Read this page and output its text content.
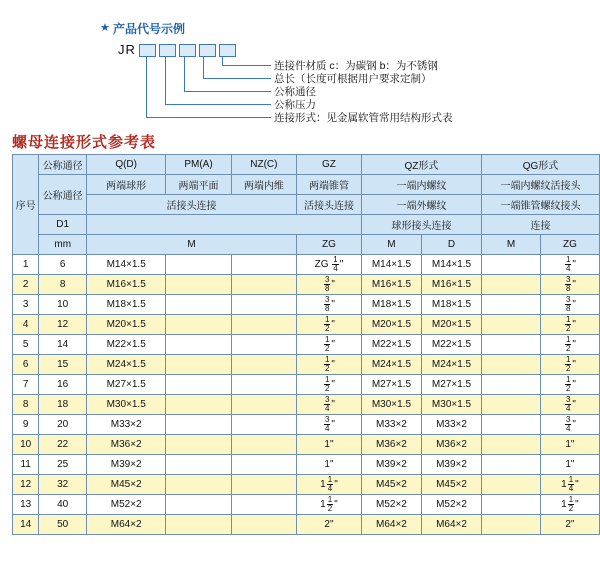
★ 产品代号示例
JR
连接件材质 c：为碳钢 b：为不锈钢
总长（长度可根据用户要求定制）
公称通径
公称压力
连接形式：见金属软管常用结构形式表
螺母连接形式参考表
序号	公称通径	Q(D)	PM(A)	NZ(C)	GZ	QZ形式		QG形式	
	公称通径	两端球形	两端平面	两端内维	两端锥管	一端内螺纹		一端内螺纹活接头	
		活接头连接			活接头连接	一端外螺纹		一端锥管螺纹接头	
	D1					球形接头连接		连接	
	mm	M			ZG	M	D	M	ZG
1	6	M14×1.5			ZG $\frac{1}{4}$ "	M14×1.5	M14×1.5		$\frac{1}{4}$ "
2	8	M16×1.5			$\frac{3}{8}$ "	M16×1.5	M16×1.5		$\frac{3}{8}$ "
3	10	M18×1.5			$\frac{3}{8}$ "	M18×1.5	M18×1.5		$\frac{3}{8}$ "
4	12	M20×1.5			$\frac{1}{2}$ "	M20×1.5	M20×1.5		$\frac{1}{2}$ "
5	14	M22×1.5			$\frac{1}{2}$ "	M22×1.5	M22×1.5		$\frac{1}{2}$ "
6	15	M24×1.5			$\frac{1}{2}$ "	M24×1.5	M24×1.5		$\frac{1}{2}$ "
7	16	M27×1.5			$\frac{1}{2}$ "	M27×1.5	M27×1.5		$\frac{1}{2}$ "
8	18	M30×1.5			$\frac{3}{4}$ "	M30×1.5	M30×1.5		$\frac{3}{4}$ "
9	20	M33×2			$\frac{3}{4}$ "	M33×2	M33×2		$\frac{3}{4}$ "
10	22	M36×2			1"	M36×2	M36×2		1"
11	25	M39×2			1"	M39×2	M39×2		1"
12	32	M45×2			$1 \frac{1}{4}$ "	M45×2	M45×2		$1 \frac{1}{4}$ "
13	40	M52×2			$1 \frac{1}{2}$ "	M52×2	M52×2		$1 \frac{1}{2}$ "
14	50	M64×2			2"	M64×2	M64×2		2"
